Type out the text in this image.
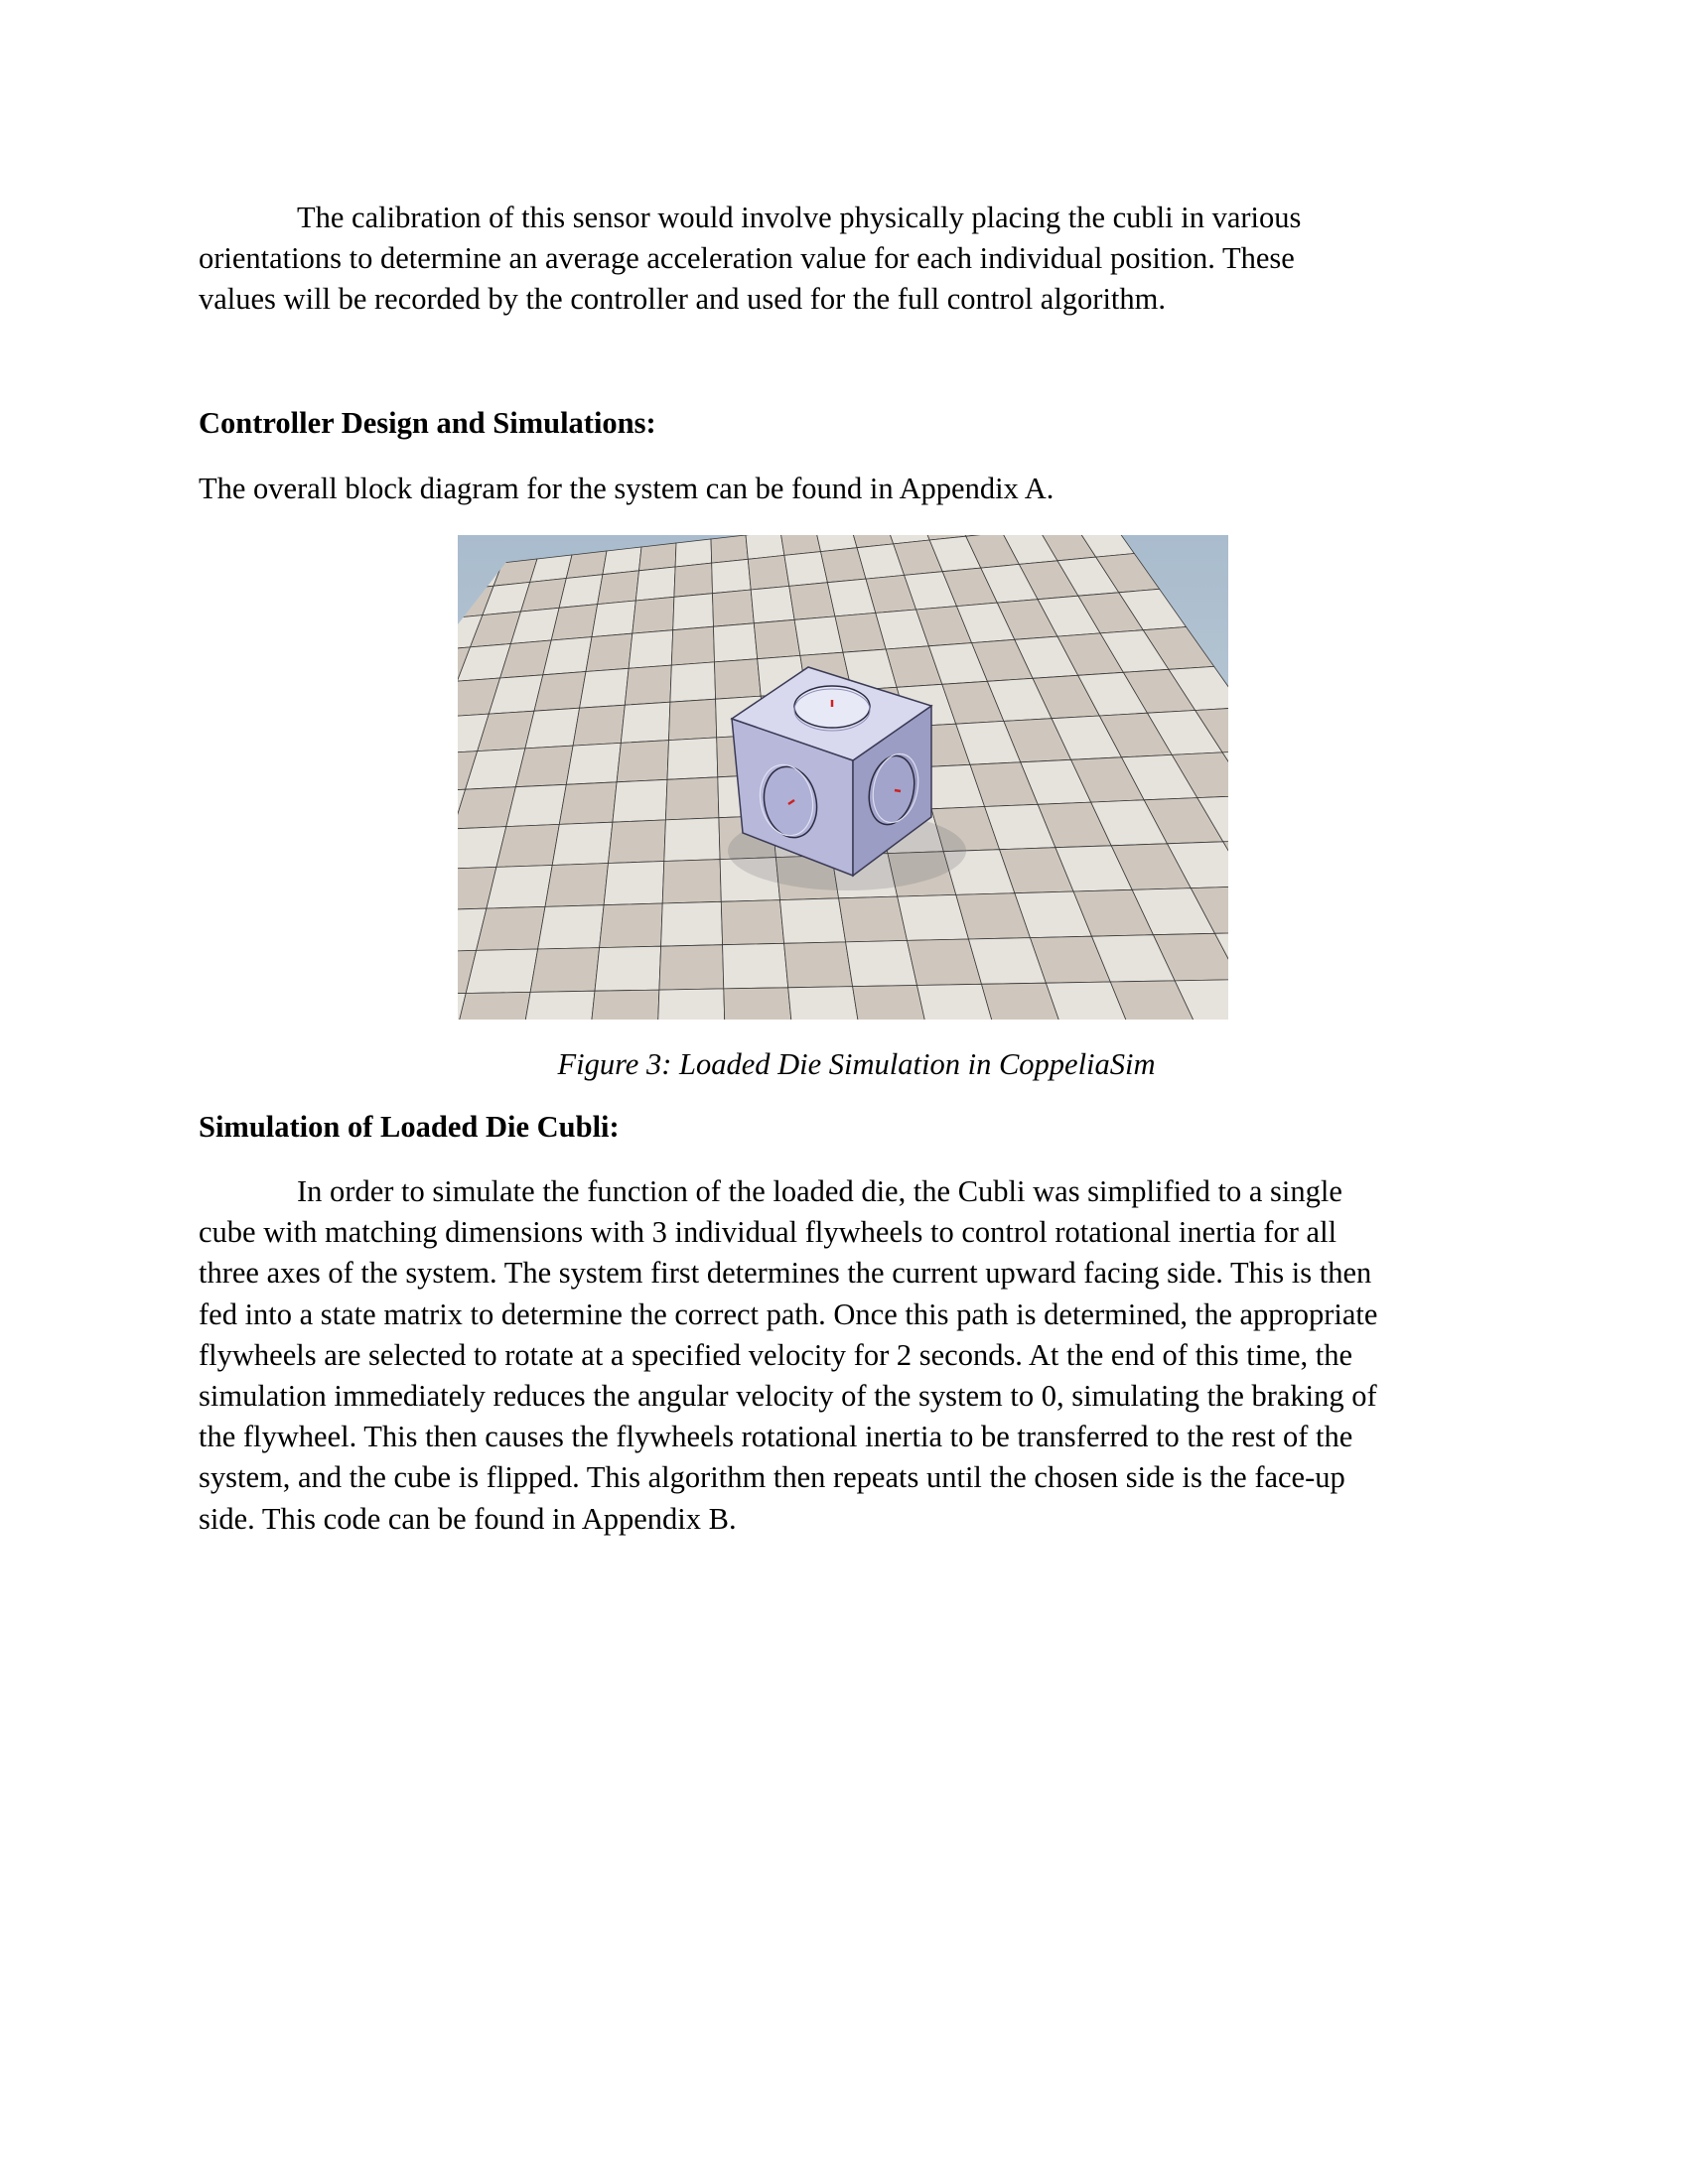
The calibration of this sensor would involve physically placing the cubli in various
orientations to determine an average acceleration value for each individual position. These
values will be recorded by the controller and used for the full control algorithm.
Controller Design and Simulations:

The overall block diagram for the system can be found in Appendix A.

Figure 3: Loaded Die Simulation in CoppeliaSim

Simulation of Loaded Die Cubli:
In order to simulate the function of the loaded die, the Cubli was simplified to a single
cube with matching dimensions with 3 individual flywheels to control rotational inertia for all
three axes of the system. The system first determines the current upward facing side. This is then
fed into a state matrix to determine the correct path. Once this path is determined, the appropriate
flywheels are selected to rotate at a specified velocity for 2 seconds. At the end of this time, the
simulation immediately reduces the angular velocity of the system to 0, simulating the braking of
the flywheel. This then causes the flywheels rotational inertia to be transferred to the rest of the
system, and the cube is flipped. This algorithm then repeats until the chosen side is the face-up
side. This code can be found in Appendix B.
